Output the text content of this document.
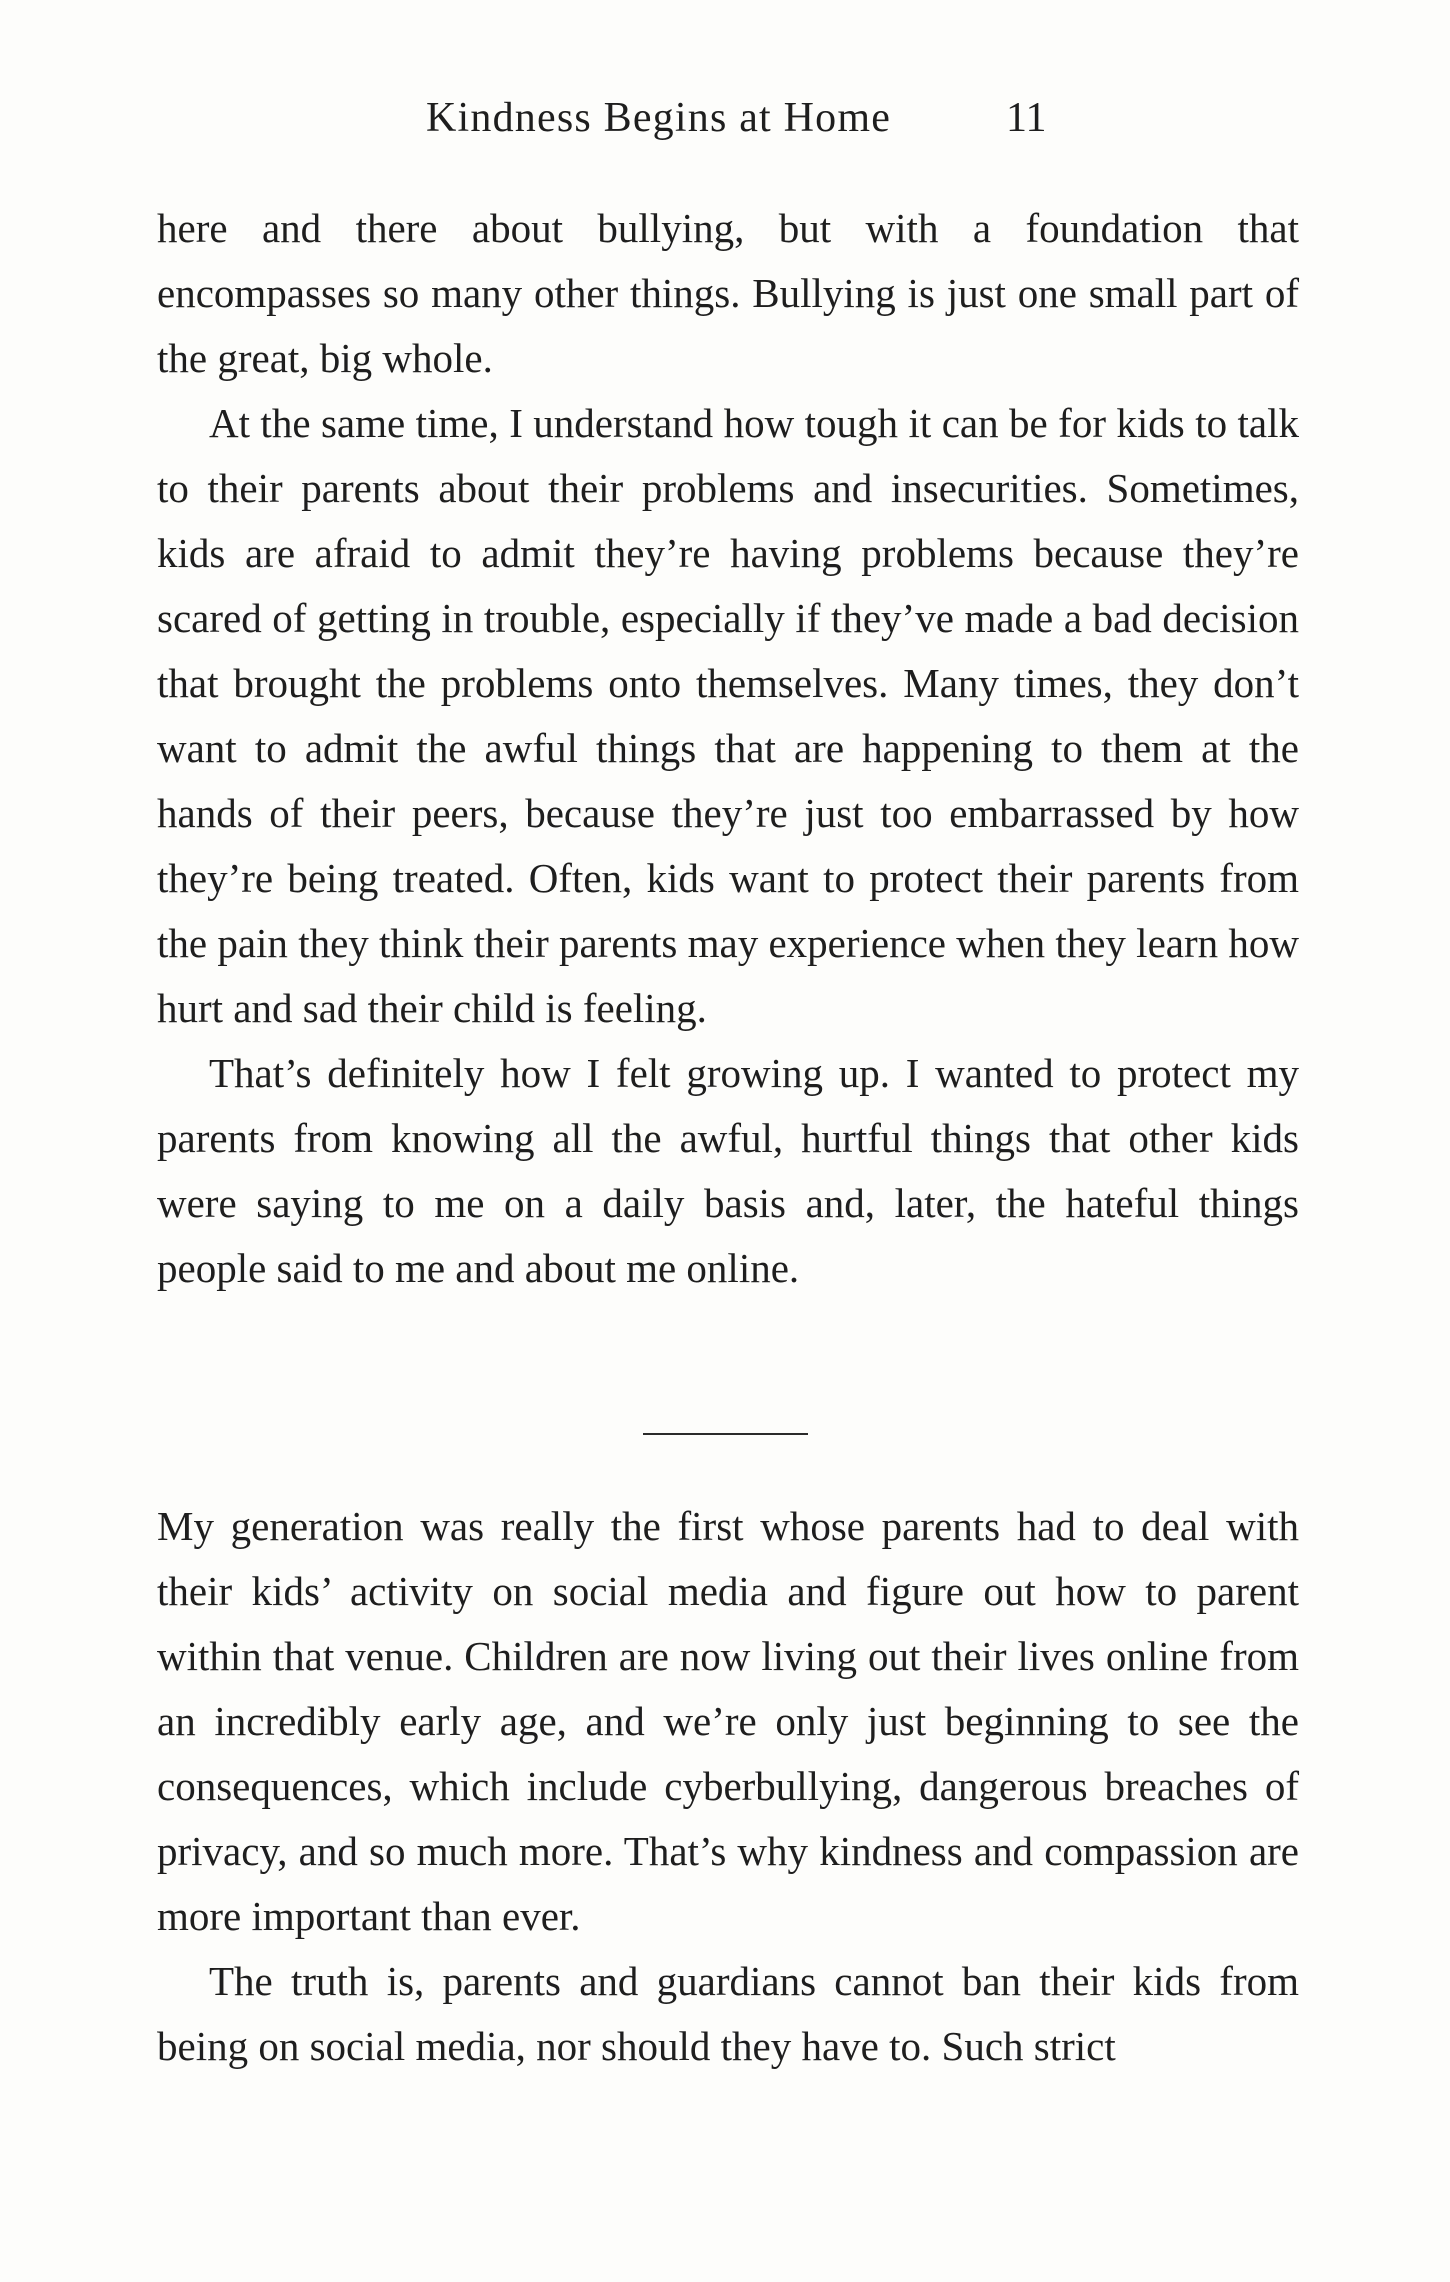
Kindness Begins at Home	11

here and there about bullying, but with a foundation that encompasses so many other things. Bullying is just one small part of the great, big whole.

At the same time, I understand how tough it can be for kids to talk to their parents about their problems and insecurities. Sometimes, kids are afraid to admit they’re having problems because they’re scared of getting in trouble, especially if they’ve made a bad decision that brought the problems onto themselves. Many times, they don’t want to admit the awful things that are happening to them at the hands of their peers, because they’re just too embarrassed by how they’re being treated. Often, kids want to protect their parents from the pain they think their parents may experience when they learn how hurt and sad their child is feeling.

That’s definitely how I felt growing up. I wanted to protect my parents from knowing all the awful, hurtful things that other kids were saying to me on a daily basis and, later, the hateful things people said to me and about me online.

My generation was really the first whose parents had to deal with their kids’ activity on social media and figure out how to parent within that venue. Children are now living out their lives online from an incredibly early age, and we’re only just beginning to see the consequences, which include cyberbullying, dangerous breaches of privacy, and so much more. That’s why kindness and compassion are more important than ever.

The truth is, parents and guardians cannot ban their kids from being on social media, nor should they have to. Such strict
